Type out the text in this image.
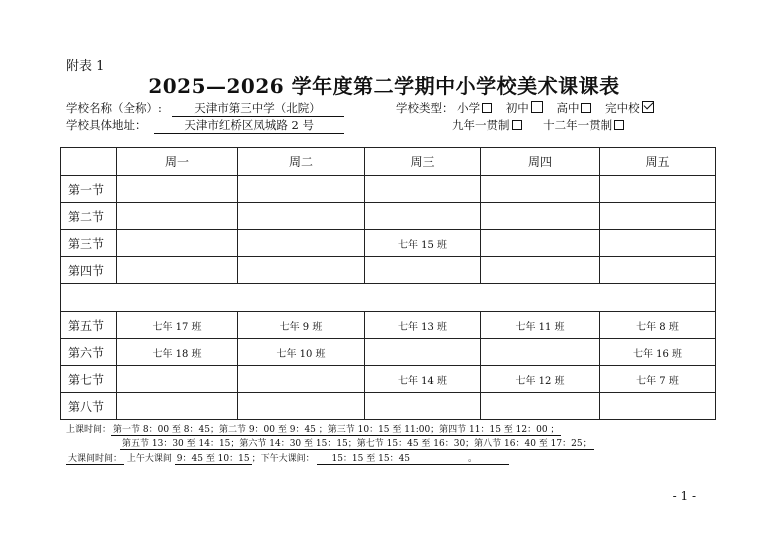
附表 1
2025—2026 学年度第二学期中小学校美术课课表
学校名称（全称）:	天津市第三中学（北院）	学校类型： 小学 初中 高中 完中校
学校具体地址：	天津市红桥区凤城路 2 号	九年一贯制	十二年一贯制
	周一	周二	周三	周四	周五
第一节					
第二节					
第三节			七年 15 班		
第四节					

第五节	七年 17 班	七年 9 班	七年 13 班	七年 11 班	七年 8 班
第六节	七年 18 班	七年 10 班			七年 16 班
第七节			七年 14 班	七年 12 班	七年 7 班
第八节					
上课时间： 第一节 8：00 至 8：45；第二节 9：00 至 9：45 ；第三节 10：15 至 11:00；第四节 11：15 至 12：00 ；
第五节 13：30 至 14：15；第六节 14：30 至 15：15；第七节 15：45 至 16：30；第八节 16：40 至 17：25；
大课间时间： 上午大课间 9：45 至 10：15 ；下午大课间： 15：15 至 15：45	。
- 1 -
